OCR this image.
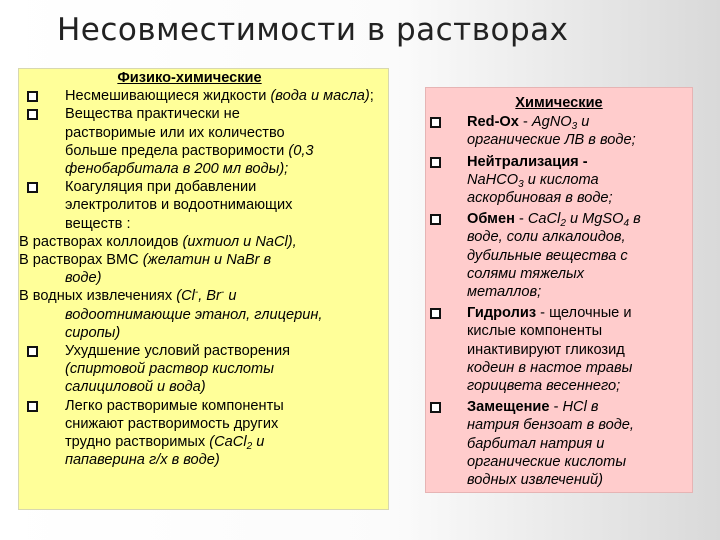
Несовместимости в растворах
Физико-химические
Несмешивающиеся жидкости (вода и масла);
Вещества практически не
растворимые или их количество
больше предела растворимости (0,3
фенобарбитала в 200 мл воды);
Коагуляция при добавлении
электролитов и водоотнимающих
веществ :
В растворах коллоидов (ихтиол и NaCl),
В растворах ВМС (желатин и NaBr в
воде)
В водных извлечениях (Cl-, Br- и
водоотнимающие этанол, глицерин,
сиропы)
Ухудшение условий растворения
(спиртовой раствор кислоты
салициловой и вода)
Легко растворимые компоненты
снижают растворимость других
трудно растворимых (CaCl$_2$ и
папаверина г/х в воде)
Химические
Red-Ox - AgNO$_3$ и
органические ЛВ в воде;
Нейтрализация -
NaHCO$_3$ и кислота
аскорбиновая в воде;
Обмен - CaCl$_2$ и MgSO$_4$ в
воде, соли алкалоидов,
дубильные вещества с
солями тяжелых
металлов;
Гидролиз - щелочные и
кислые компоненты
инактивируют гликозид
кодеин в настое травы
горицвета весеннего;
Замещение - HCl в
натрия бензоат в воде,
барбитал натрия и
органические кислоты
водных извлечений)
